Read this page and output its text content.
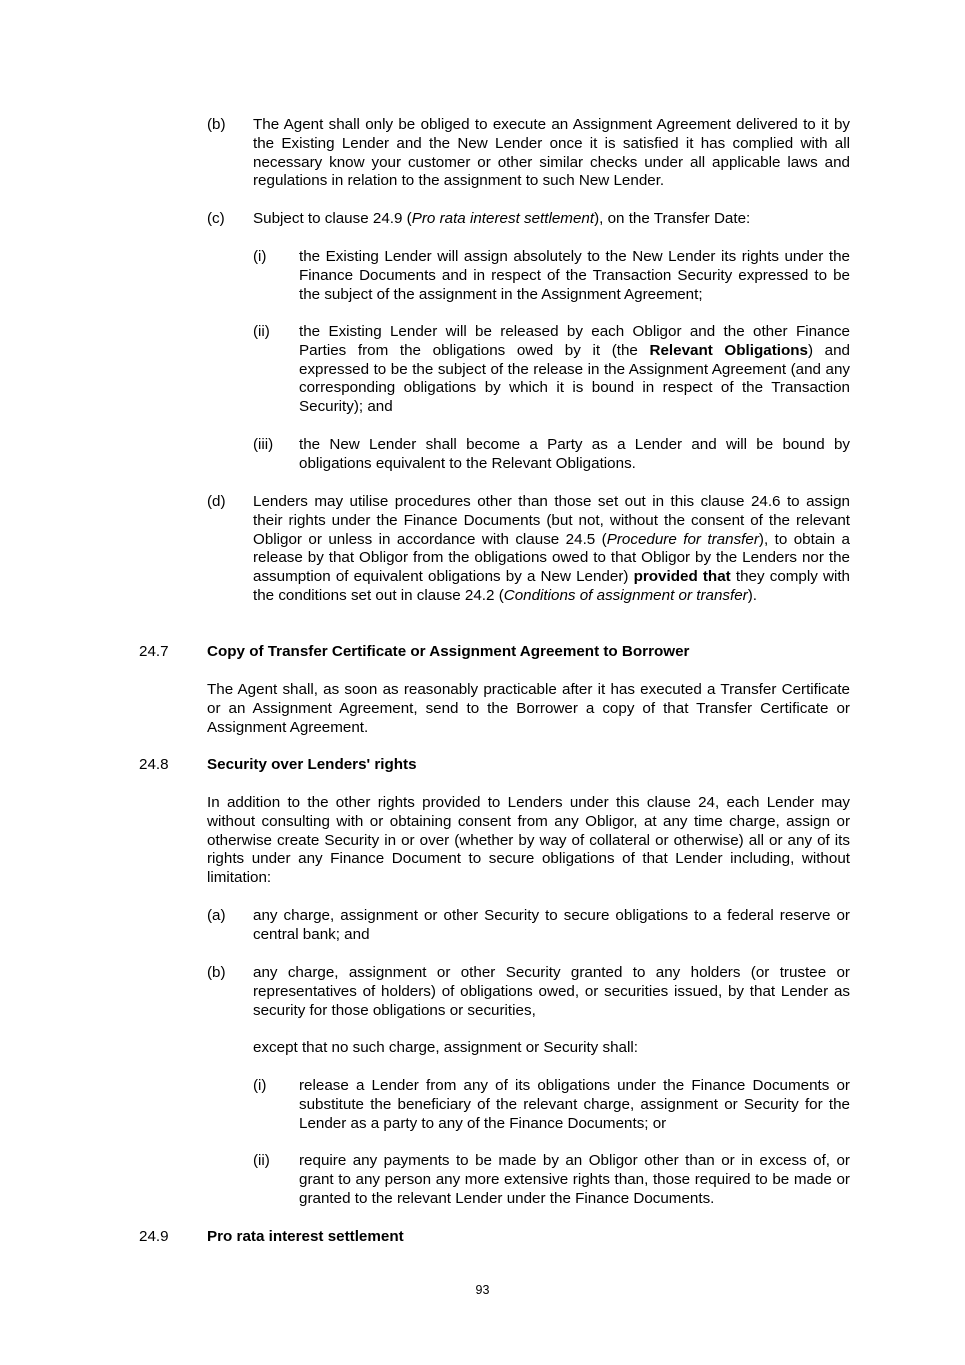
(b) The Agent shall only be obliged to execute an Assignment Agreement delivered to it by the Existing Lender and the New Lender once it is satisfied it has complied with all necessary know your customer or other similar checks under all applicable laws and regulations in relation to the assignment to such New Lender.

(c) Subject to clause 24.9 (Pro rata interest settlement), on the Transfer Date:

(i) the Existing Lender will assign absolutely to the New Lender its rights under the Finance Documents and in respect of the Transaction Security expressed to be the subject of the assignment in the Assignment Agreement;

(ii) the Existing Lender will be released by each Obligor and the other Finance Parties from the obligations owed by it (the Relevant Obligations) and expressed to be the subject of the release in the Assignment Agreement (and any corresponding obligations by which it is bound in respect of the Transaction Security); and

(iii) the New Lender shall become a Party as a Lender and will be bound by obligations equivalent to the Relevant Obligations.

(d) Lenders may utilise procedures other than those set out in this clause 24.6 to assign their rights under the Finance Documents (but not, without the consent of the relevant Obligor or unless in accordance with clause 24.5 (Procedure for transfer), to obtain a release by that Obligor from the obligations owed to that Obligor by the Lenders nor the assumption of equivalent obligations by a New Lender) provided that they comply with the conditions set out in clause 24.2 (Conditions of assignment or transfer).

24.7	Copy of Transfer Certificate or Assignment Agreement to Borrower

The Agent shall, as soon as reasonably practicable after it has executed a Transfer Certificate or an Assignment Agreement, send to the Borrower a copy of that Transfer Certificate or Assignment Agreement.

24.8	Security over Lenders' rights

In addition to the other rights provided to Lenders under this clause 24, each Lender may without consulting with or obtaining consent from any Obligor, at any time charge, assign or otherwise create Security in or over (whether by way of collateral or otherwise) all or any of its rights under any Finance Document to secure obligations of that Lender including, without limitation:

(a) any charge, assignment or other Security to secure obligations to a federal reserve or central bank; and

(b) any charge, assignment or other Security granted to any holders (or trustee or representatives of holders) of obligations owed, or securities issued, by that Lender as security for those obligations or securities,

except that no such charge, assignment or Security shall:

(i) release a Lender from any of its obligations under the Finance Documents or substitute the beneficiary of the relevant charge, assignment or Security for the Lender as a party to any of the Finance Documents; or

(ii) require any payments to be made by an Obligor other than or in excess of, or grant to any person any more extensive rights than, those required to be made or granted to the relevant Lender under the Finance Documents.

24.9	Pro rata interest settlement
93
